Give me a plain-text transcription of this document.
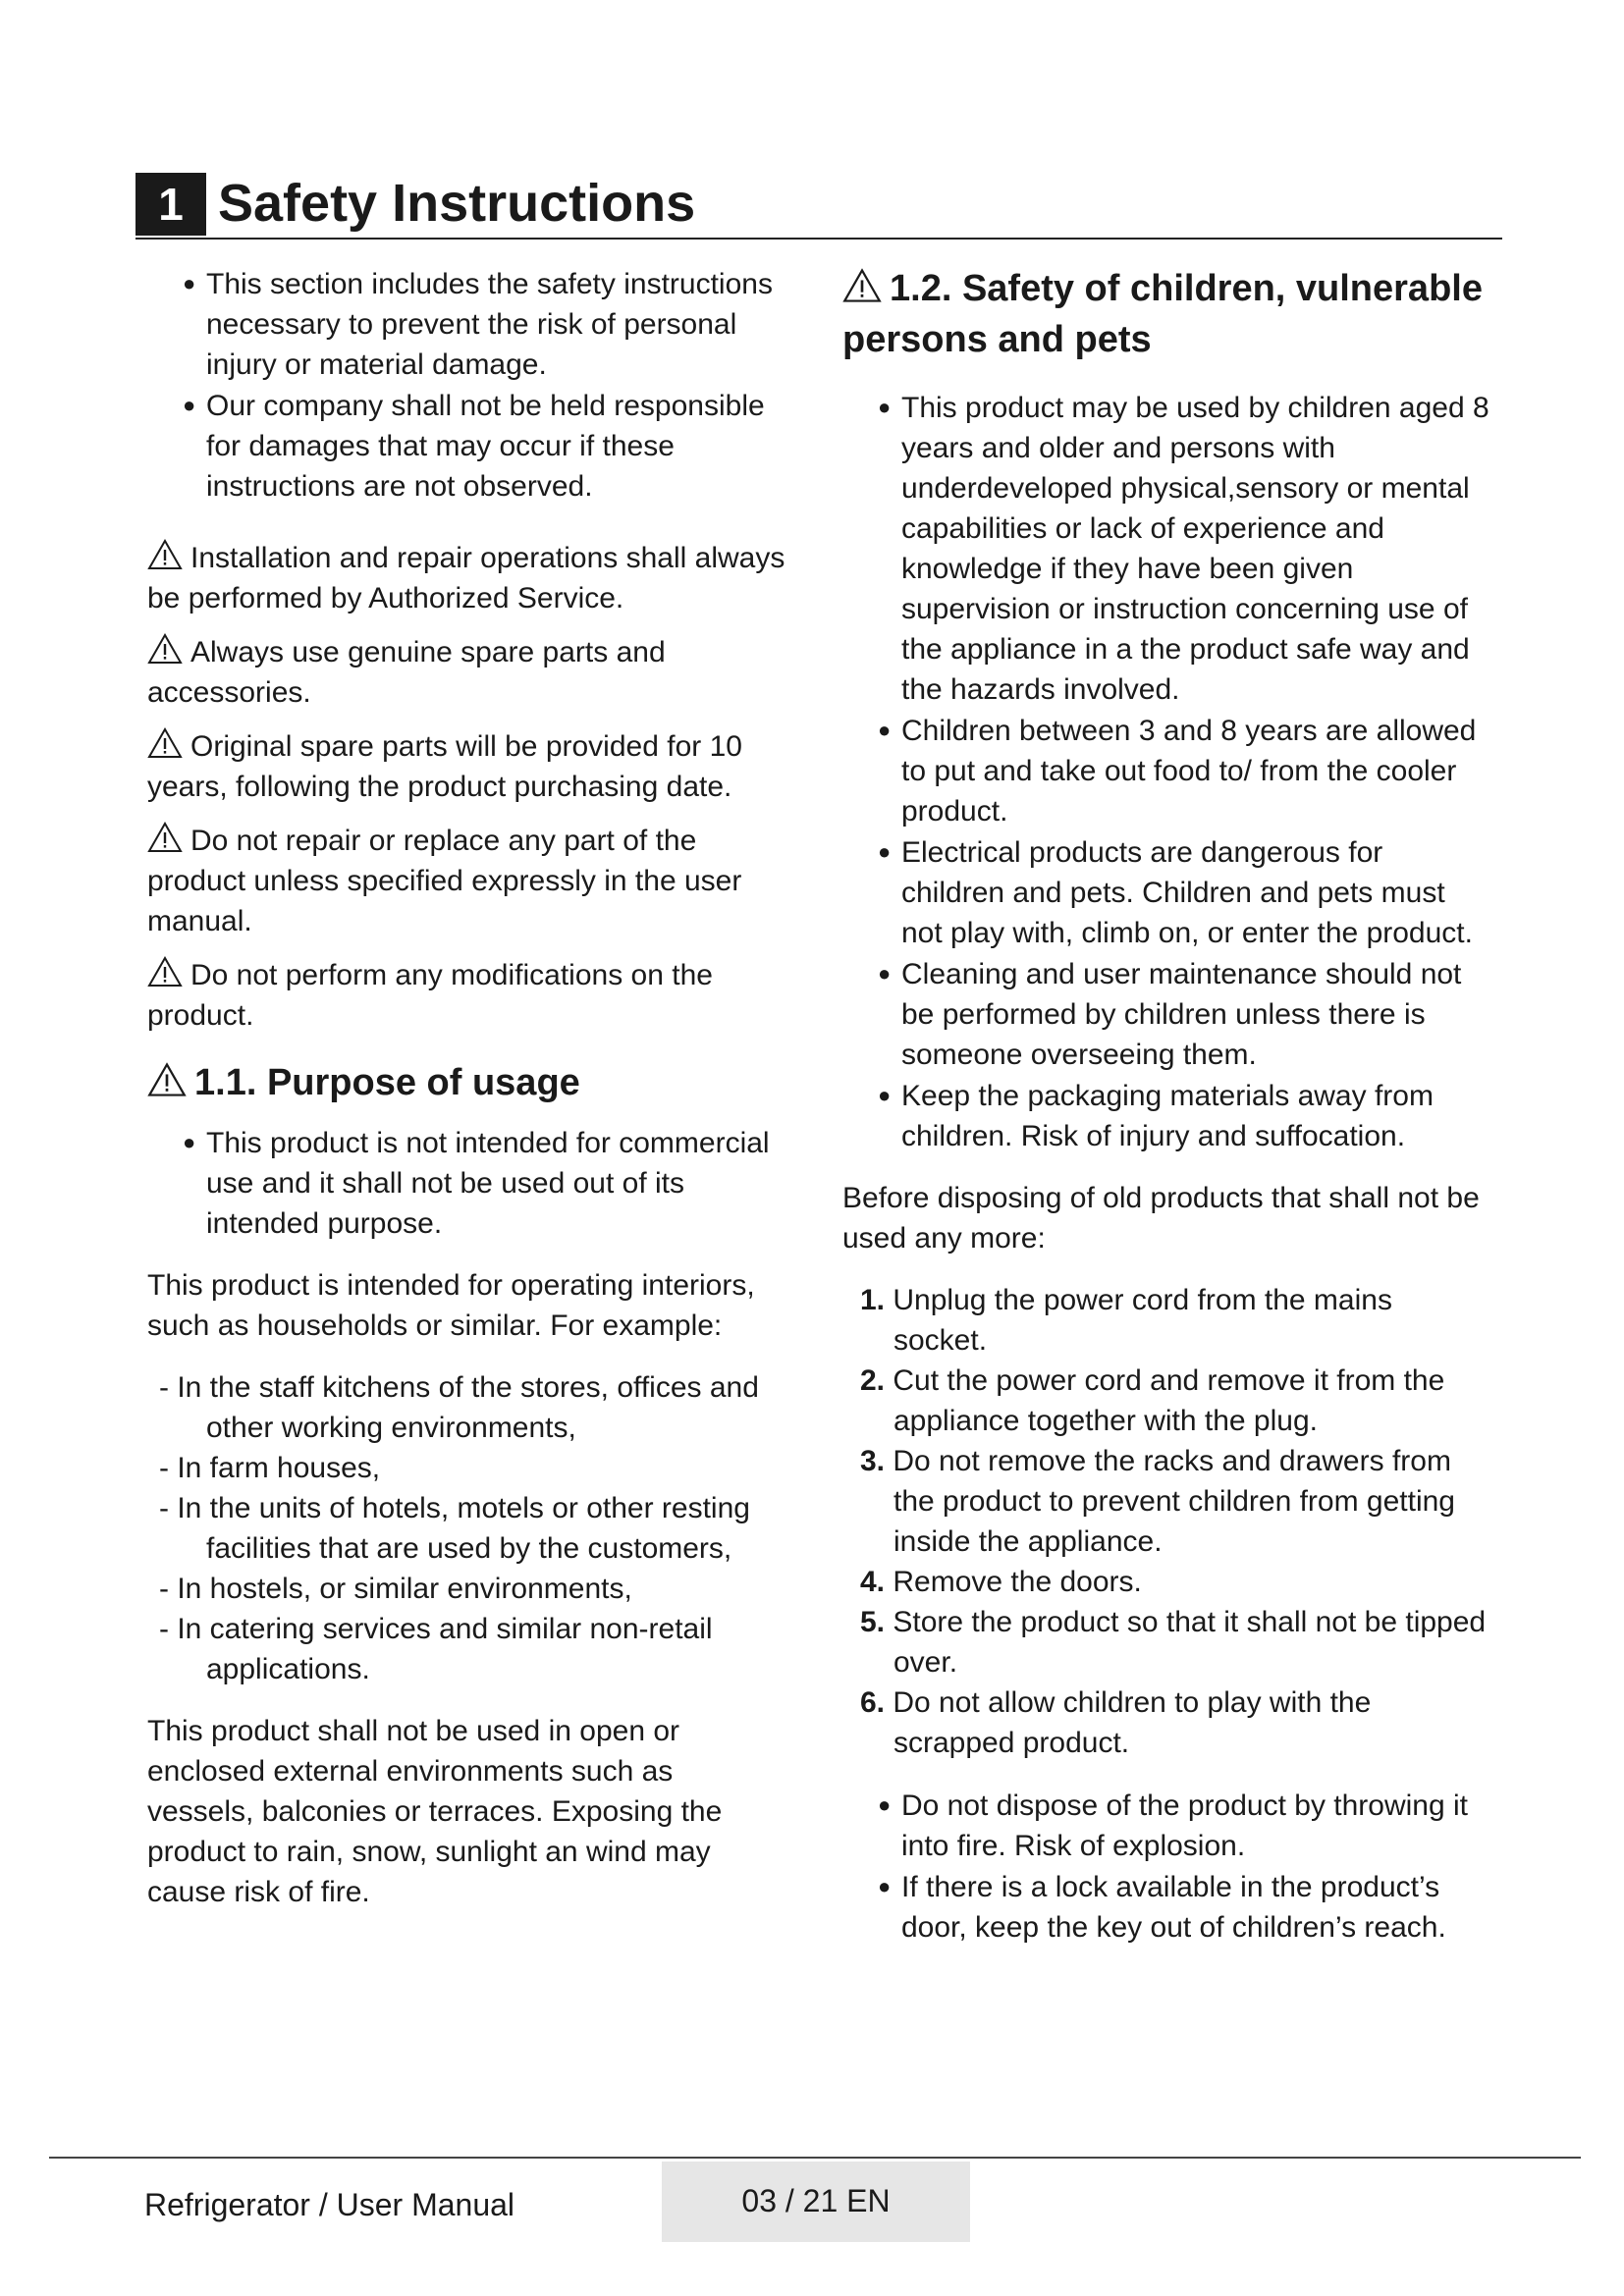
1 Safety Instructions
● This section includes the safety instructions necessary to prevent the risk of personal injury or material damage.
● Our company shall not be held responsible for damages that may occur if these instructions are not observed.

Installation and repair operations shall always be performed by Authorized Service.

Always use genuine spare parts and accessories.

Original spare parts will be provided for 10 years, following the product purchasing date.

Do not repair or replace any part of the product unless specified expressly in the user manual.

Do not perform any modifications on the product.

1.1. Purpose of usage

● This product is not intended for commercial use and it shall not be used out of its intended purpose.

This product is intended for operating interiors, such as households or similar. For example:

- In the staff kitchens of the stores, offices and other working environments,

- In farm houses,

- In the units of hotels, motels or other resting facilities that are used by the customers,

- In hostels, or similar environments,

- In catering services and similar non-retail applications.

This product shall not be used in open or enclosed external environments such as vessels, balconies or terraces. Exposing the product to rain, snow, sunlight an wind may cause risk of fire.

1.2. Safety of children, vulnerable persons and pets

● This product may be used by children aged 8 years and older and persons with underdeveloped physical,sensory or mental capabilities or lack of experience and knowledge if they have been given supervision or instruction concerning use of the appliance in a the product safe way and the hazards involved.
● Children between 3 and 8 years are allowed to put and take out food to/ from the cooler product.
● Electrical products are dangerous for children and pets. Children and pets must not play with, climb on, or enter the product.
● Cleaning and user maintenance should not be performed by children unless there is someone overseeing them.
● Keep the packaging materials away from children. Risk of injury and suffocation.

Before disposing of old products that shall not be used any more:

1. Unplug the power cord from the mains socket.
2. Cut the power cord and remove it from the appliance together with the plug.
3. Do not remove the racks and drawers from the product to prevent children from getting inside the appliance.
4. Remove the doors.
5. Store the product so that it shall not be tipped over.
6. Do not allow children to play with the scrapped product.
● Do not dispose of the product by throwing it into fire. Risk of explosion.
● If there is a lock available in the product’s door, keep the key out of children’s reach.
Refrigerator / User Manual	03 / 21 EN
